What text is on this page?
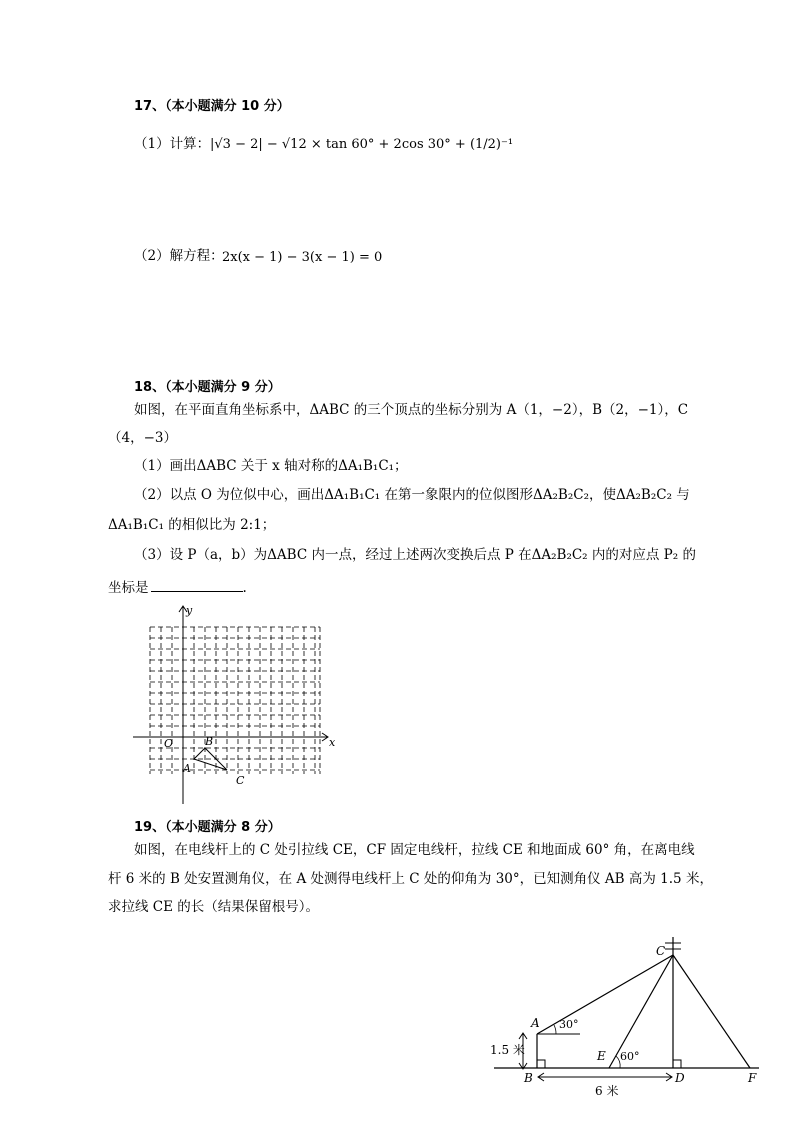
17、（本小题满分 10 分）
（1）计算： |√3 − 2| − √12 × tan 60° + 2cos 30° + (1/2)⁻¹
（2）解方程：
2x(x − 1) − 3(x − 1) = 0
18、（本小题满分 9 分）
如图，在平面直角坐标系中，ΔABC 的三个顶点的坐标分别为 A（1，−2），B（2，−1），C
（4，−3）
（1）画出ΔABC 关于 x 轴对称的ΔA₁B₁C₁；
（2）以点 O 为位似中心，画出ΔA₁B₁C₁ 在第一象限内的位似图形ΔA₂B₂C₂，使ΔA₂B₂C₂ 与
ΔA₁B₁C₁ 的相似比为 2:1；
（3）设 P（a，b）为ΔABC 内一点，经过上述两次变换后点 P 在ΔA₂B₂C₂ 内的对应点 P₂ 的
坐标是	.
x
y
O
A
B
C
19、（本小题满分 8 分）
如图，在电线杆上的 C 处引拉线 CE，CF 固定电线杆，拉线 CE 和地面成 60° 角，在离电线
杆 6 米的 B 处安置测角仪，在 A 处测得电线杆上 C 处的仰角为 30°，已知测角仪 AB 高为 1.5 米，
求拉线 CE 的长（结果保留根号）。
C
A
B	D
E
F
30°
60°
1.5 米
6 米
